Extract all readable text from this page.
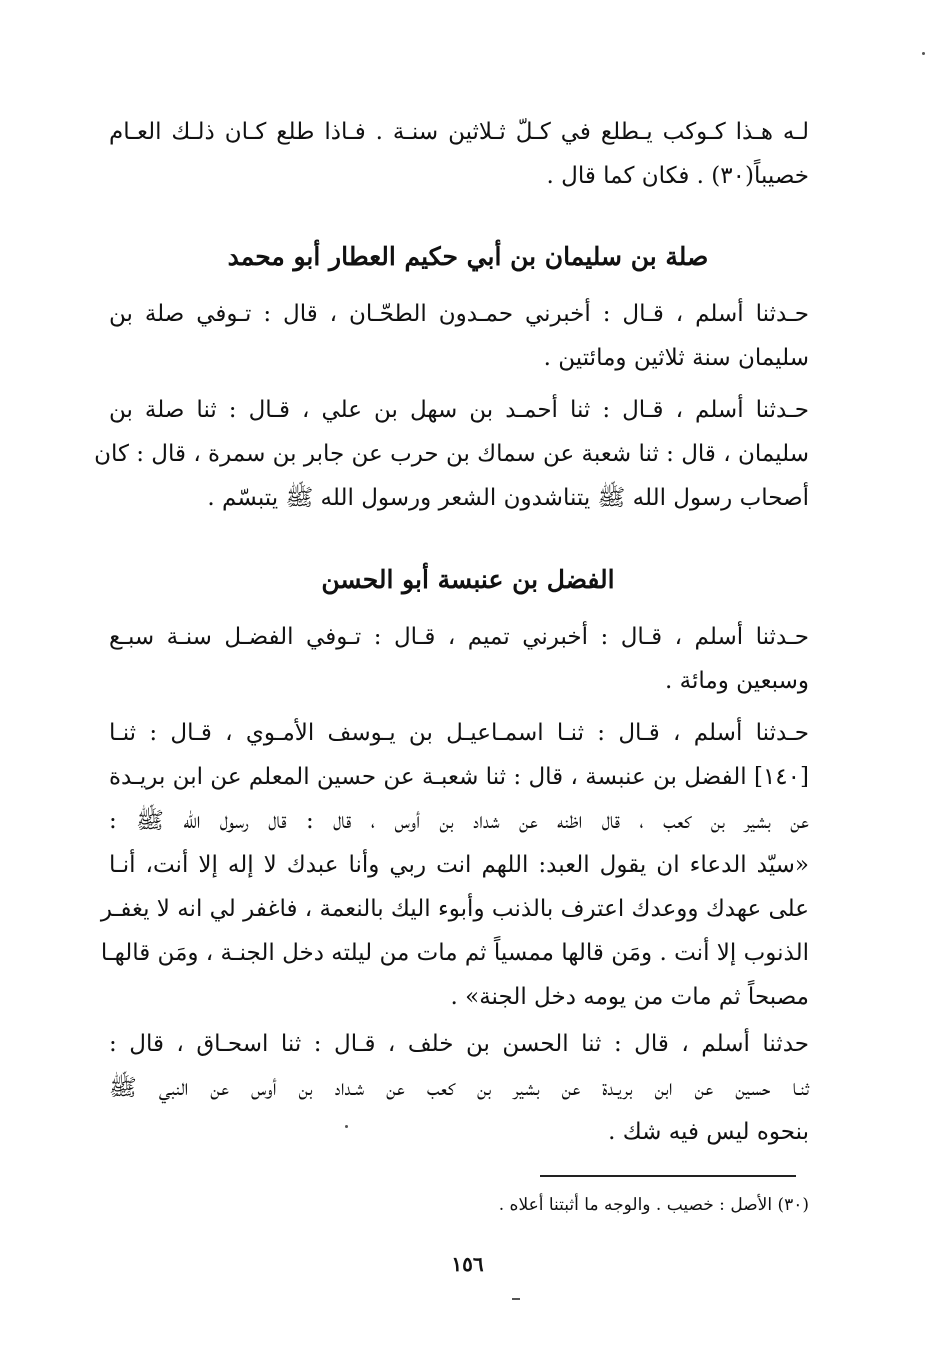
لـه هـذا كـوكب يـطلع في كـلّ ثـلاثين سنـة . فـاذا طلع كـان ذلـك العـام
خصيباً(٣٠) . فكان كما قال .
صلة بن سليمان بن أبي حكيم العطار أبو محمد
حـدثنا أسلم ، قـال : أخبرني حمـدون الطحّـان ، قال : تـوفي صلة بن
سليمان سنة ثلاثين ومائتين .
حـدثنا أسلم ، قـال : ثنا أحمـد بن سهل بن علي ، قـال : ثنا صلة بن
سليمان ، قال : ثنا شعبة عن سماك بن حرب عن جابر بن سمرة ، قال : كان
أصحاب رسول الله ﷺ يتناشدون الشعر ورسول الله ﷺ يتبسّم .
الفضل بن عنبسة أبو الحسن
حـدثنا أسلم ، قـال : أخبرني تميم ، قـال : تـوفي الفضـل سنـة سبـع
وسبعين ومائة .
حـدثنا أسلم ، قـال : ثنـا اسمـاعيـل بن يـوسف الأمـوي ، قـال : ثنـا
[١٤٠] الفضل بن عنبسة ، قال : ثنا شعبـة عن حسين المعلم عن ابن بريـدة
عن بشير بن كعب ، قال اظنه عن شداد بن أوس ، قال : قال رسول الله ﷺ :
«سيّد الدعاء ان يقول العبد: اللهم انت ربي وأنا عبدك لا إله إلا أنت، أنـا
على عهدك ووعدك اعترف بالذنب وأبوء اليك بالنعمة ، فاغفر لي انه لا يغفـر
الذنوب إلا أنت . ومَن قالها ممسياً ثم مات من ليلته دخل الجنـة ، ومَن قالهـا
مصبحاً ثم مات من يومه دخل الجنة» .
حدثنا أسلم ، قال : ثنا الحسن بن خلف ، قـال : ثنا اسحـاق ، قال :
ثنـا حسين عن ابن بريـدة عن بشير بن كعب عن شـداد بن أوس عن النبي ﷺ
بنحوه ليس فيه شك .
(٣٠) الأصل : خصيب . والوجه ما أثبتنا أعلاه .
١٥٦
